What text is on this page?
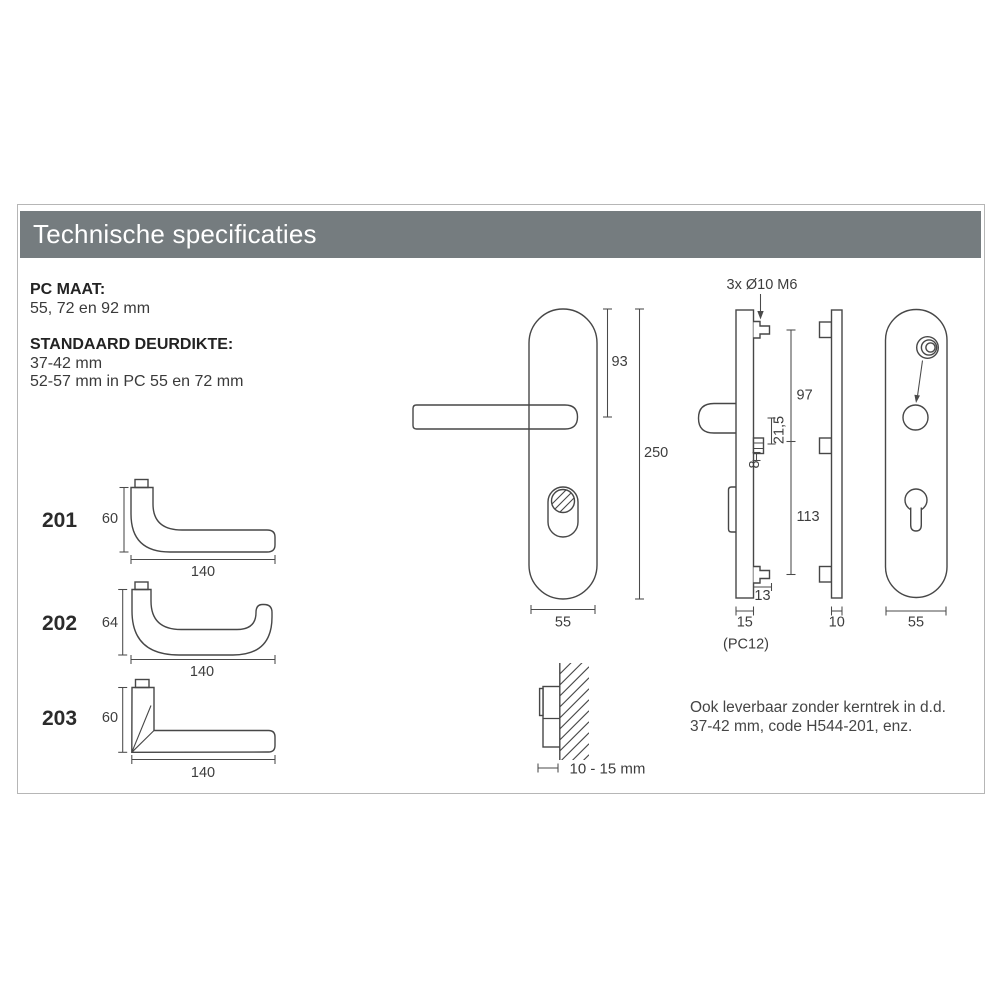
Technische specificaties

PC MAAT:

55, 72 en 92 mm

STANDAARD DEURDIKTE:

37-42 mm

52-57 mm in PC 55 en 72 mm

Ook leverbaar zonder kerntrek in d.d.

37-42 mm, code H544-201, enz.

201 60
140
202 64
140
203 60
140
93
250
55
3x Ø10 M6
97
113
21,5
8
13
15
(PC12)
10	55
10 - 15 mm
